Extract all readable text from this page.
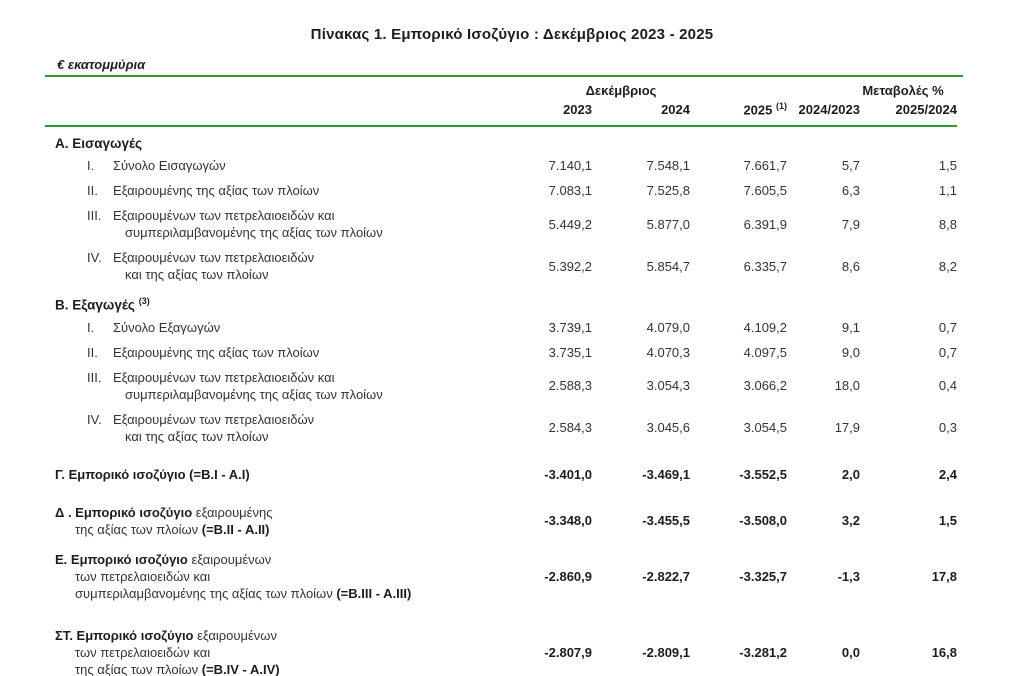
Πίνακας 1. Εμπορικό Ισοζύγιο : Δεκέμβριος 2023 - 2025
€ εκατομμύρια
Δεκέμβριος	Μεταβολές %
2023	2024	2025 $^{(1)}$ 2024/2023	2025/2024
Α. Εισαγωγές
I.	Σύνολο Εισαγωγών	7.140,1	7.548,1	7.661,7	5,7	1,5
II.	Εξαιρουμένης της αξίας των πλοίων	7.083,1	7.525,8	7.605,5	6,3	1,1
III. Εξαιρουμένων των πετρελαιοειδών και
συμπεριλαμβανομένης της αξίας των πλοίων
5.449,2	5.877,0	6.391,9	7,9	8,8
IV. Εξαιρουμένων των πετρελαιοειδών
και της αξίας των πλοίων
5.392,2	5.854,7	6.335,7	8,6	8,2
Β. Εξαγωγές $^{(3)}$
I.	Σύνολο Εξαγωγών	3.739,1	4.079,0	4.109,2	9,1	0,7
II.	Εξαιρουμένης της αξίας των πλοίων	3.735,1	4.070,3	4.097,5	9,0	0,7
III. Εξαιρουμένων των πετρελαιοειδών και
συμπεριλαμβανομένης της αξίας των πλοίων
2.588,3	3.054,3	3.066,2	18,0	0,4
IV. Εξαιρουμένων των πετρελαιοειδών
και της αξίας των πλοίων
2.584,3	3.045,6	3.054,5	17,9	0,3
Γ. Εμπορικό ισοζύγιο (=B.I - A.I)	-3.401,0	-3.469,1	-3.552,5	2,0	2,4
Δ . Εμπορικό ισοζύγιο εξαιρουμένης
της αξίας των πλοίων (=B.II - A.II)
-3.348,0	-3.455,5	-3.508,0	3,2	1,5
Ε. Εμπορικό ισοζύγιο εξαιρουμένων
των πετρελαιοειδών και
συμπεριλαμβανομένης της αξίας των πλοίων (=B.III - A.III)
-2.860,9	-2.822,7	-3.325,7	-1,3	17,8
ΣΤ. Εμπορικό ισοζύγιο εξαιρουμένων
των πετρελαιοειδών και
της αξίας των πλοίων (=B.IV - A.IV)
-2.807,9	-2.809,1	-3.281,2	0,0	16,8
